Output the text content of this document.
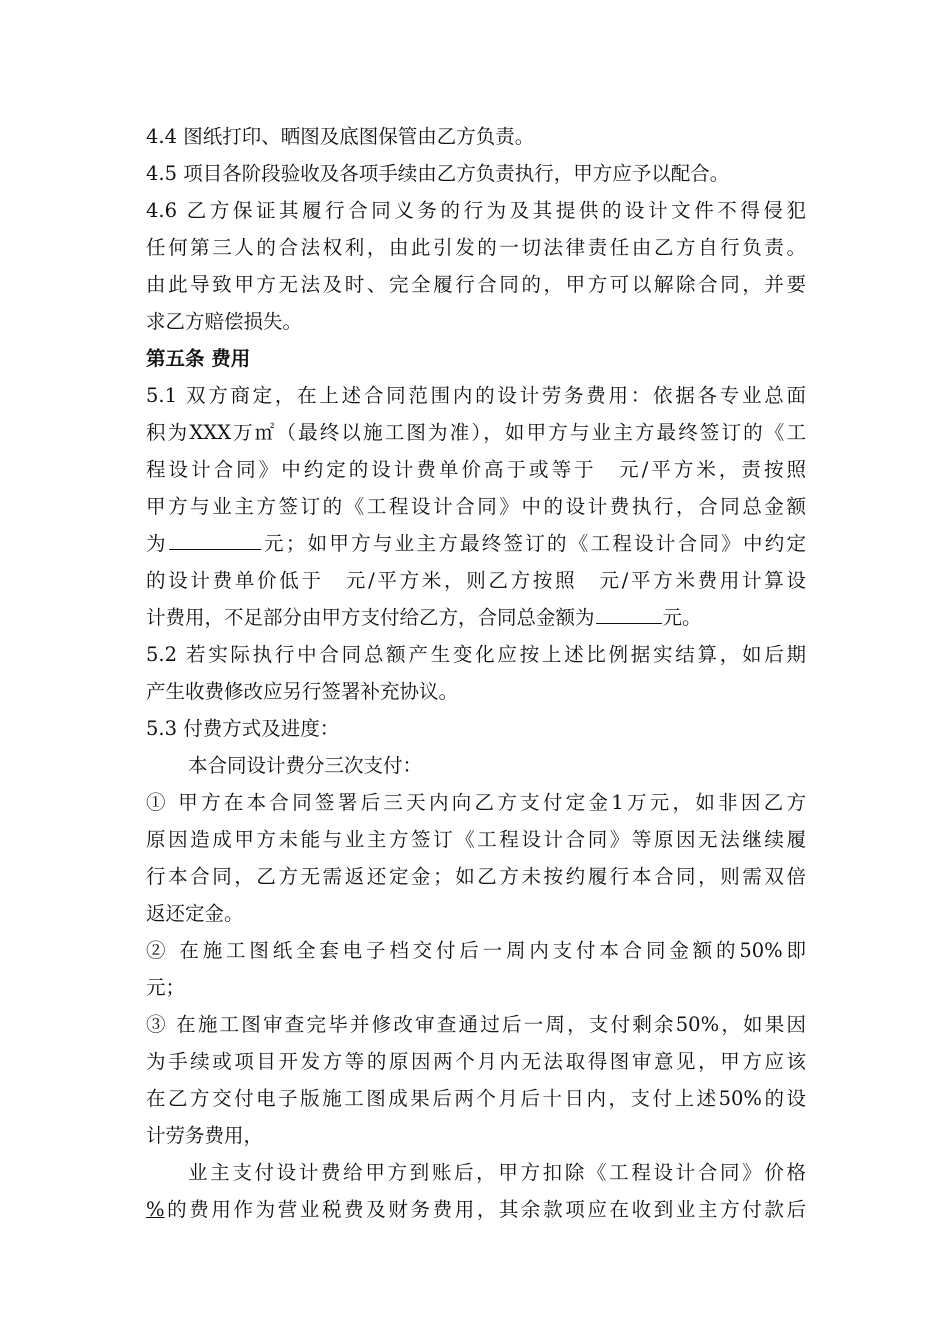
4.4 图纸打印、晒图及底图保管由乙方负责。
4.5 项目各阶段验收及各项手续由乙方负责执行，甲方应予以配合。
4.6 乙方保证其履行合同义务的行为及其提供的设计文件不得侵犯
任何第三人的合法权利，由此引发的一切法律责任由乙方自行负责。
由此导致甲方无法及时、完全履行合同的，甲方可以解除合同，并要
求乙方赔偿损失。
第五条 费用
5.1 双方商定，在上述合同范围内的设计劳务费用：依据各专业总面
积为XXX万㎡（最终以施工图为准），如甲方与业主方最终签订的《工
程设计合同》中约定的设计费单价高于或等于　元/平方米，责按照
甲方与业主方签订的《工程设计合同》中的设计费执行，合同总金额
为	元；如甲方与业主方最终签订的《工程设计合同》中约定
的设计费单价低于　元/平方米，则乙方按照　元/平方米费用计算设
计费用，不足部分由甲方支付给乙方，合同总金额为	元。
5.2 若实际执行中合同总额产生变化应按上述比例据实结算，如后期
产生收费修改应另行签署补充协议。
5.3 付费方式及进度：
本合同设计费分三次支付：
① 甲方在本合同签署后三天内向乙方支付定金1万元，如非因乙方
原因造成甲方未能与业主方签订《工程设计合同》等原因无法继续履
行本合同，乙方无需返还定金；如乙方未按约履行本合同，则需双倍
返还定金。
② 在施工图纸全套电子档交付后一周内支付本合同金额的50%即
元；
③ 在施工图审查完毕并修改审查通过后一周，支付剩余50%，如果因
为手续或项目开发方等的原因两个月内无法取得图审意见，甲方应该
在乙方交付电子版施工图成果后两个月后十日内，支付上述50%的设
计劳务费用，
业主支付设计费给甲方到账后，甲方扣除《工程设计合同》价格
%的费用作为营业税费及财务费用，其余款项应在收到业主方付款后
